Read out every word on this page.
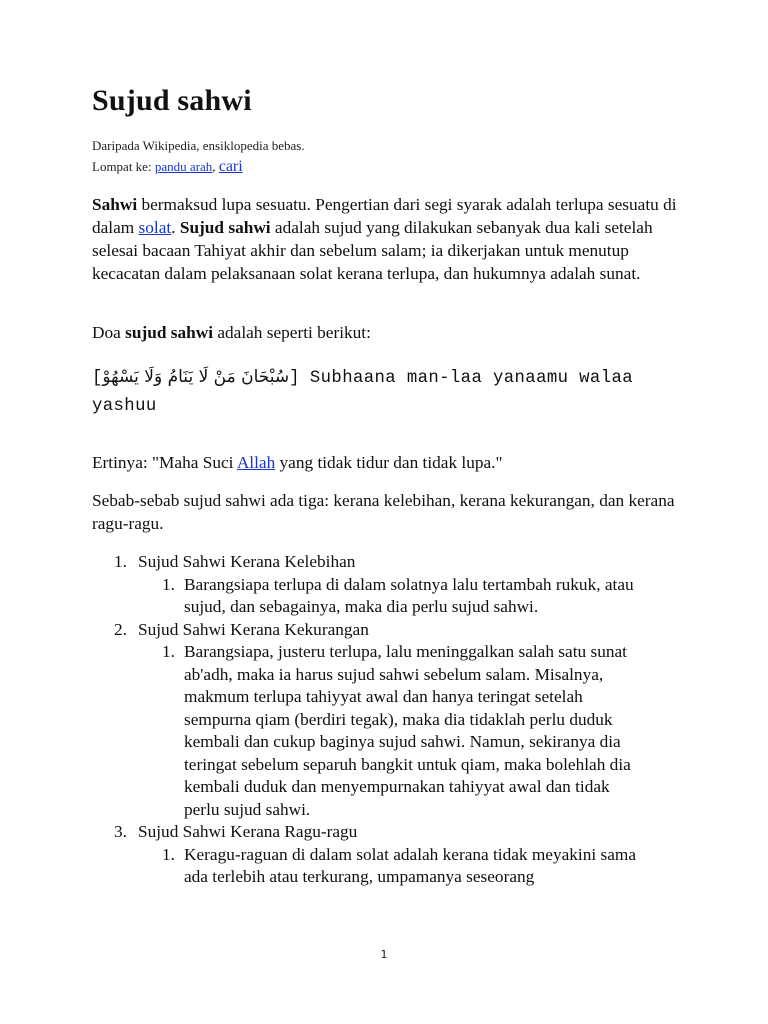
Sujud sahwi
Daripada Wikipedia, ensiklopedia bebas.
Lompat ke: pandu arah, cari

Sahwi bermaksud lupa sesuatu. Pengertian dari segi syarak adalah terlupa sesuatu di dalam solat. Sujud sahwi adalah sujud yang dilakukan sebanyak dua kali setelah selesai bacaan Tahiyat akhir dan sebelum salam; ia dikerjakan untuk menutup kecacatan dalam pelaksanaan solat kerana terlupa, dan hukumnya adalah sunat.

Doa sujud sahwi adalah seperti berikut:

[سُبْحَانَ مَنْ لَا يَنَامُ وَلَا يَسْهُوْ] Subhaana man-laa yanaamu walaa yashuu

Ertinya: "Maha Suci Allah yang tidak tidur dan tidak lupa."

Sebab-sebab sujud sahwi ada tiga: kerana kelebihan, kerana kekurangan, dan kerana ragu-ragu.

1. Sujud Sahwi Kerana Kelebihan
1. Barangsiapa terlupa di dalam solatnya lalu tertambah rukuk, atau sujud, dan sebagainya, maka dia perlu sujud sahwi.
2. Sujud Sahwi Kerana Kekurangan
1. Barangsiapa, justeru terlupa, lalu meninggalkan salah satu sunat ab'adh, maka ia harus sujud sahwi sebelum salam. Misalnya, makmum terlupa tahiyyat awal dan hanya teringat setelah sempurna qiam (berdiri tegak), maka dia tidaklah perlu duduk kembali dan cukup baginya sujud sahwi. Namun, sekiranya dia teringat sebelum separuh bangkit untuk qiam, maka bolehlah dia kembali duduk dan menyempurnakan tahiyyat awal dan tidak perlu sujud sahwi.
3. Sujud Sahwi Kerana Ragu-ragu
1. Keragu-raguan di dalam solat adalah kerana tidak meyakini sama ada terlebih atau terkurang, umpamanya seseorang
1
